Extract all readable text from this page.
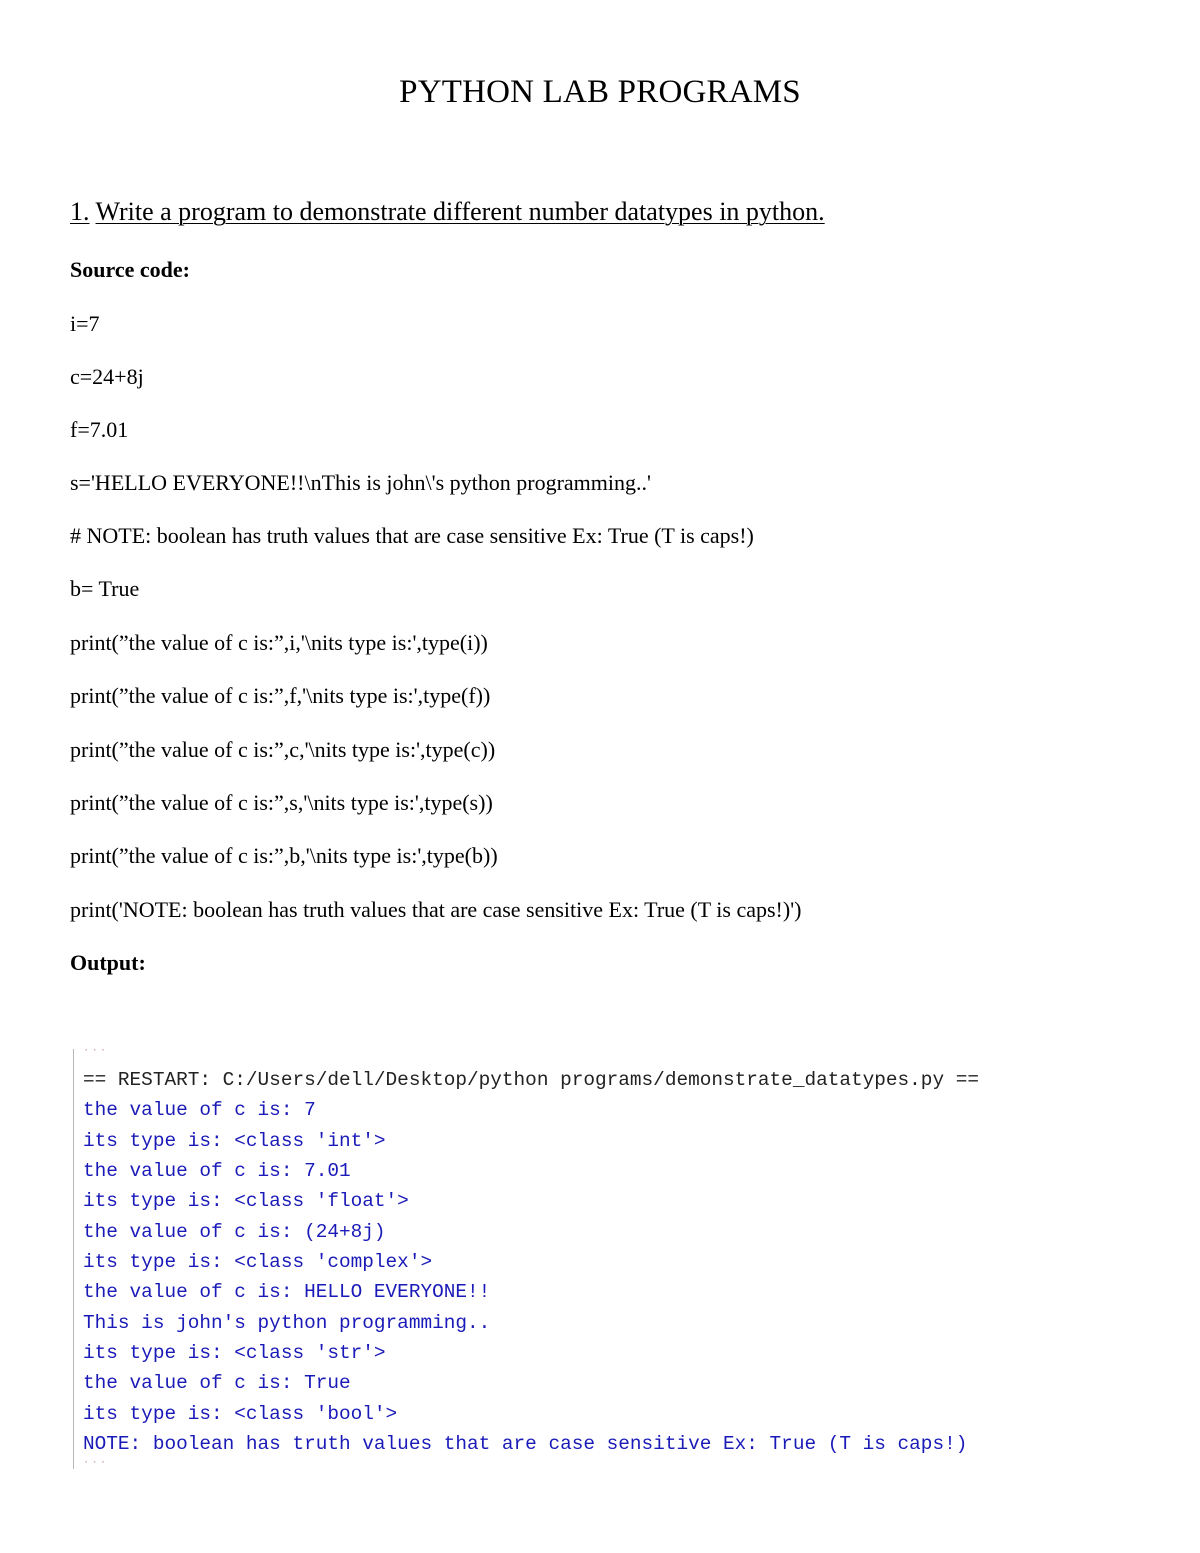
PYTHON LAB PROGRAMS
1. Write a program to demonstrate different number datatypes in python.
Source code:
i=7
c=24+8j
f=7.01
s='HELLO EVERYONE!!\nThis is john\'s python programming..'
# NOTE: boolean has truth values that are case sensitive Ex: True (T is caps!)
b= True
print(”the value of c is:”,i,'\nits type is:',type(i))
print(”the value of c is:”,f,'\nits type is:',type(f))
print(”the value of c is:”,c,'\nits type is:',type(c))
print(”the value of c is:”,s,'\nits type is:',type(s))
print(”the value of c is:”,b,'\nits type is:',type(b))
print('NOTE: boolean has truth values that are case sensitive Ex: True (T is caps!)')
Output:
˙˙˙
== RESTART: C:/Users/dell/Desktop/python programs/demonstrate_datatypes.py ==
the value of c is: 7
its type is: <class 'int'>
the value of c is: 7.01
its type is: <class 'float'>
the value of c is: (24+8j)
its type is: <class 'complex'>
the value of c is: HELLO EVERYONE!!
This is john's python programming..
its type is: <class 'str'>
the value of c is: True
its type is: <class 'bool'>
NOTE: boolean has truth values that are case sensitive Ex: True (T is caps!)
˙˙˙
